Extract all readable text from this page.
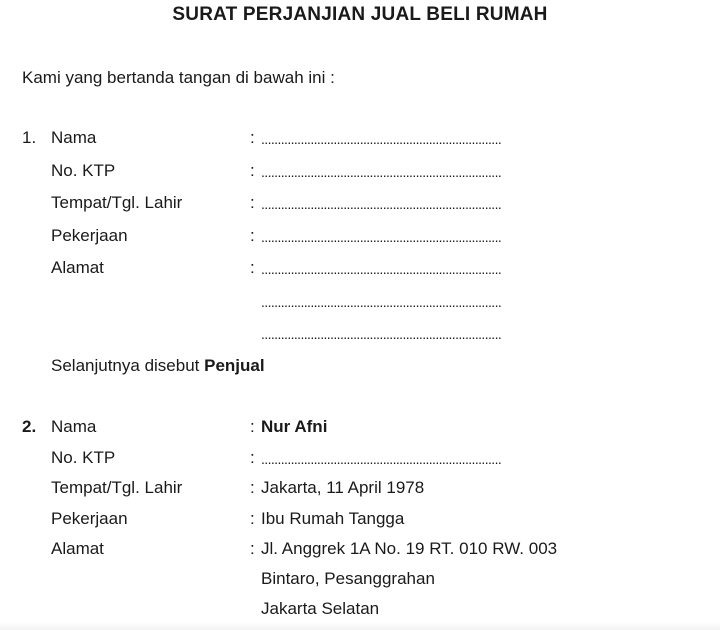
SURAT PERJANJIAN JUAL BELI RUMAH
Kami yang bertanda tangan di bawah ini :
1. Nama	: .........................................................................
No. KTP	: .........................................................................
Tempat/Tgl. Lahir	: .........................................................................
Pekerjaan	: .........................................................................
Alamat	: .........................................................................
.........................................................................
.........................................................................
Selanjutnya disebut Penjual
2. Nama	: Nur Afni
No. KTP	: .........................................................................
Tempat/Tgl. Lahir	: Jakarta, 11 April 1978
Pekerjaan	: Ibu Rumah Tangga
Alamat	: Jl. Anggrek 1A No. 19 RT. 010 RW. 003
Bintaro, Pesanggrahan
Jakarta Selatan
